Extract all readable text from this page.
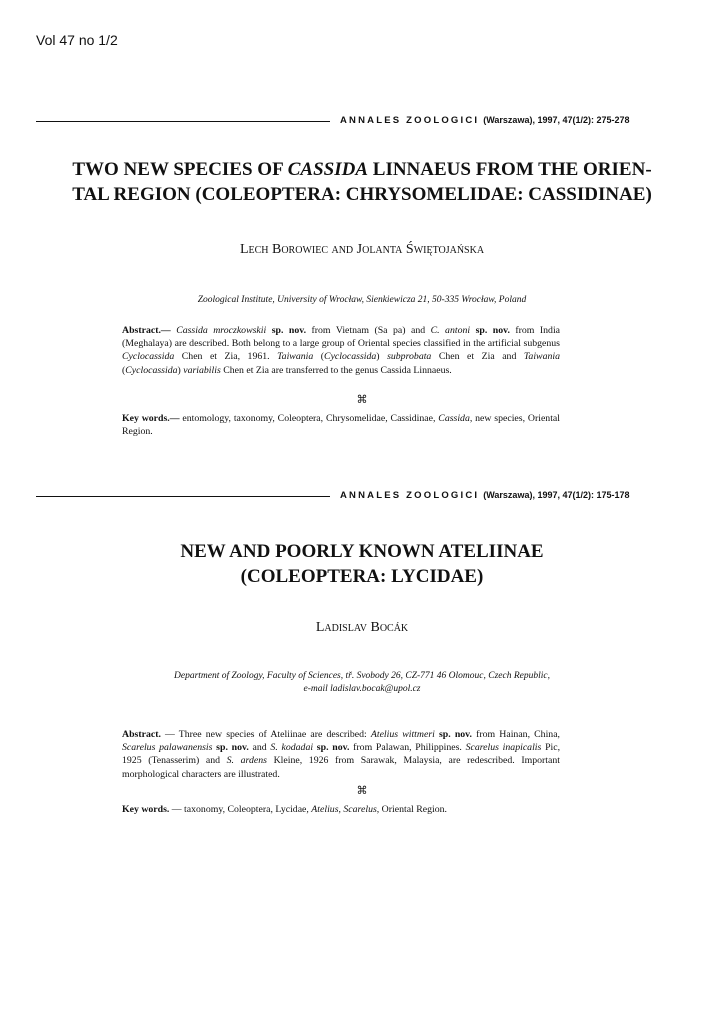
Vol 47 no 1/2
ANNALES ZOOLOGICI (Warszawa), 1997, 47(1/2): 275-278
TWO NEW SPECIES OF CASSIDA LINNAEUS FROM THE ORIEN-
TAL REGION (COLEOPTERA: CHRYSOMELIDAE: CASSIDINAE)
Lech Borowiec and Jolanta Świętojańska
Zoological Institute, University of Wrocław, Sienkiewicza 21, 50-335 Wrocław, Poland
Abstract.— Cassida mroczkowskii sp. nov. from Vietnam (Sa pa) and C. antoni sp. nov. from India (Meghalaya) are described. Both belong to a large group of Oriental species classified in the artificial subgenus Cyclocassida Chen et Zia, 1961. Taiwania (Cyclocassida) subprobata Chen et Zia and Taiwania (Cyclocassida) variabilis Chen et Zia are transferred to the genus Cassida Linnaeus.
⌘
Key words.— entomology, taxonomy, Coleoptera, Chrysomelidae, Cassidinae, Cassida, new species, Oriental Region.
ANNALES ZOOLOGICI (Warszawa), 1997, 47(1/2): 175-178
NEW AND POORLY KNOWN ATELIINAE
(COLEOPTERA: LYCIDAE)
Ladislav Bocák
Department of Zoology, Faculty of Sciences, tř. Svobody 26, CZ-771 46 Olomouc, Czech Republic,
e-mail ladislav.bocak@upol.cz
Abstract. — Three new species of Ateliinae are described: Atelius wittmeri sp. nov. from Hainan, China, Scarelus palawanensis sp. nov. and S. kodadai sp. nov. from Palawan, Philippines. Scarelus inapicalis Pic, 1925 (Tenasserim) and S. ardens Kleine, 1926 from Sarawak, Malaysia, are redescribed. Important morphological characters are illustrated.
⌘
Key words. — taxonomy, Coleoptera, Lycidae, Atelius, Scarelus, Oriental Region.
